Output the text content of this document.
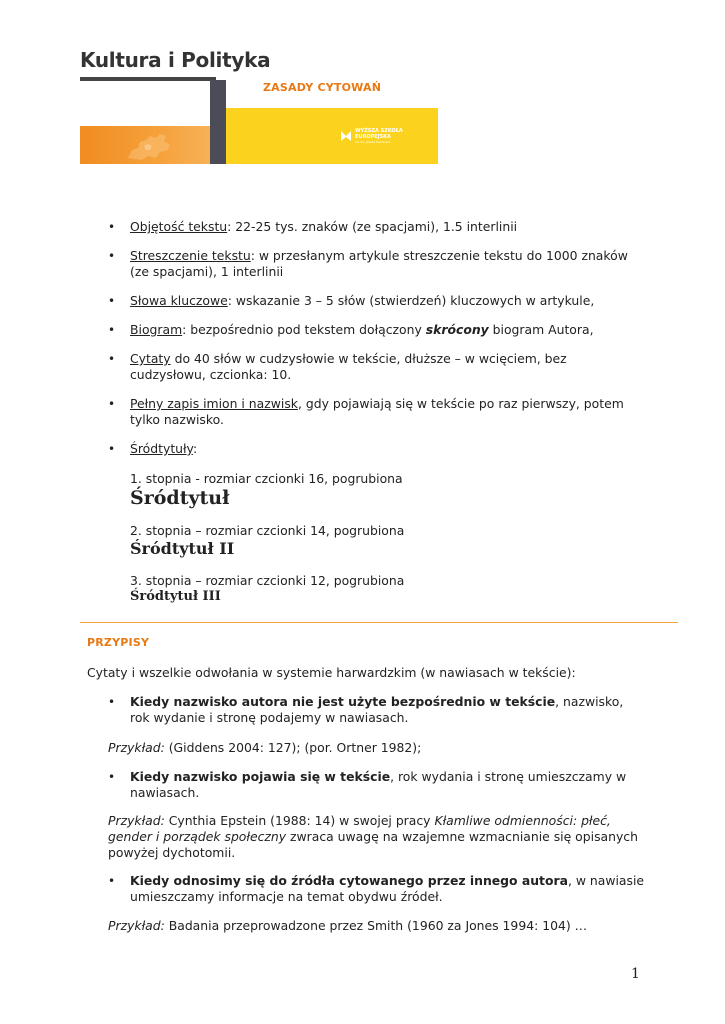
Kultura i Polityka
ZASADY CYTOWAŃ
WYŻSZA SZKOŁA
EUROPEJSKA
im. ks. Józefa Tischnera
• Objętość tekstu: 22-25 tys. znaków (ze spacjami), 1.5 interlinii
• Streszczenie tekstu: w przesłanym artykule streszczenie tekstu do 1000 znaków
(ze spacjami), 1 interlinii
• Słowa kluczowe: wskazanie 3 – 5 słów (stwierdzeń) kluczowych w artykule,
• Biogram: bezpośrednio pod tekstem dołączony skrócony biogram Autora,
• Cytaty do 40 słów w cudzysłowie w tekście, dłuższe – w wcięciem, bez
cudzysłowu, czcionka: 10.
• Pełny zapis imion i nazwisk, gdy pojawiają się w tekście po raz pierwszy, potem
tylko nazwisko.
• Śródtytuły:
1. stopnia - rozmiar czcionki 16, pogrubiona
Śródtytuł
2. stopnia – rozmiar czcionki 14, pogrubiona
Śródtytuł II
3. stopnia – rozmiar czcionki 12, pogrubiona
Śródtytuł III
PRZYPISY
Cytaty i wszelkie odwołania w systemie harwardzkim (w nawiasach w tekście):
• Kiedy nazwisko autora nie jest użyte bezpośrednio w tekście, nazwisko,
rok wydanie i stronę podajemy w nawiasach.
Przykład: (Giddens 2004: 127); (por. Ortner 1982);
• Kiedy nazwisko pojawia się w tekście, rok wydania i stronę umieszczamy w
nawiasach.
Przykład: Cynthia Epstein (1988: 14) w swojej pracy Kłamliwe odmienności: płeć,
gender i porządek społeczny zwraca uwagę na wzajemne wzmacnianie się opisanych
powyżej dychotomii.
• Kiedy odnosimy się do źródła cytowanego przez innego autora, w nawiasie
umieszczamy informacje na temat obydwu źródeł.
Przykład: Badania przeprowadzone przez Smith (1960 za Jones 1994: 104) …
1
